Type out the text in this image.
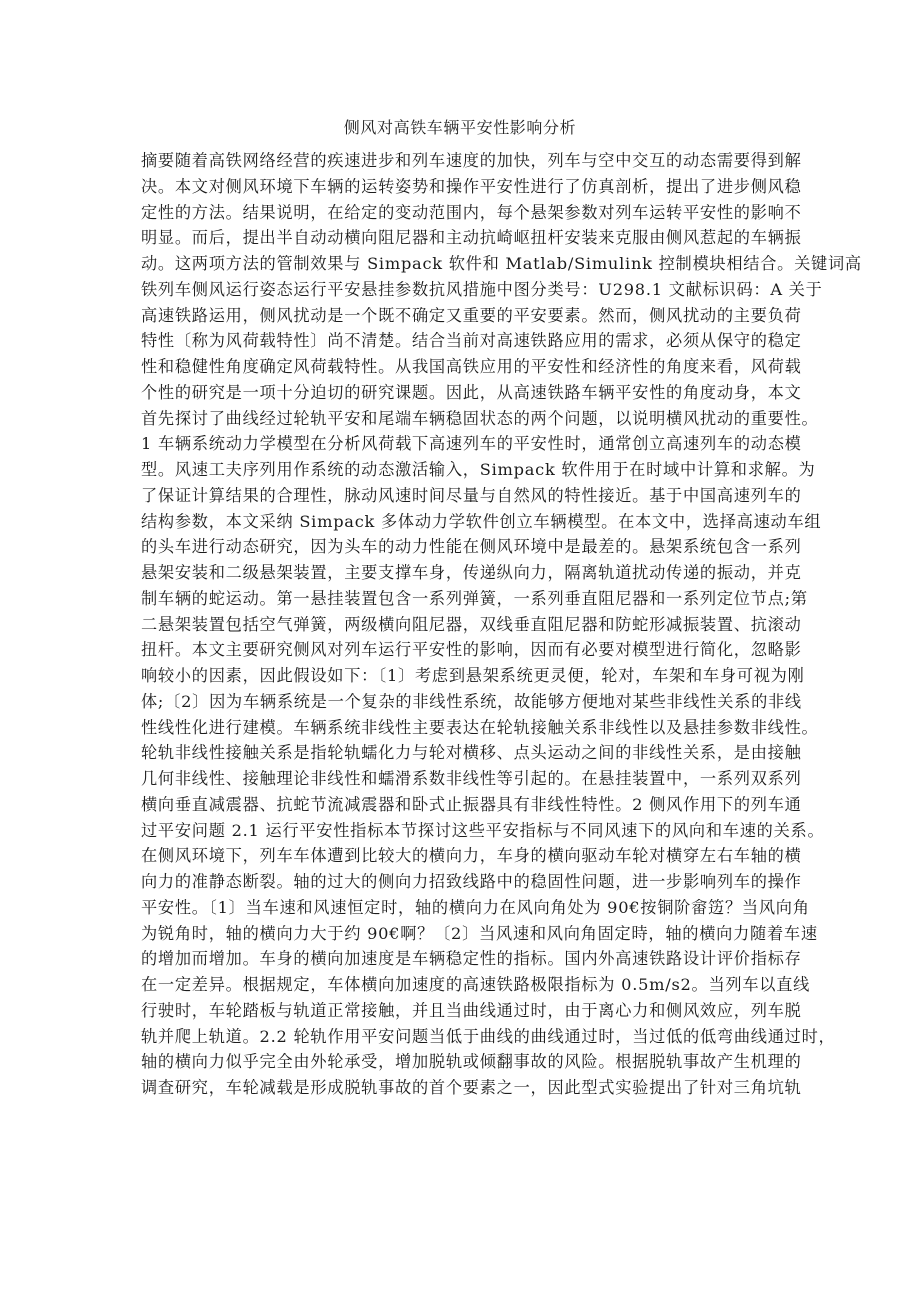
侧风对高铁车辆平安性影响分析
摘要随着高铁网络经营的疾速进步和列车速度的加快，列车与空中交互的动态需要得到解
决。本文对侧风环境下车辆的运转姿势和操作平安性进行了仿真剖析，提出了进步侧风稳
定性的方法。结果说明，在给定的变动范围内，每个悬架参数对列车运转平安性的影响不
明显。而后，提出半自动动横向阻尼器和主动抗崎岖扭杆安装来克服由侧风惹起的车辆振
动。这两项方法的管制效果与 Simpack 软件和 Matlab/Simulink 控制模块相结合。关键词高
铁列车侧风运行姿态运行平安悬挂参数抗风措施中图分类号：U298.1 文献标识码：A 关于
高速铁路运用，侧风扰动是一个既不确定又重要的平安要素。然而，侧风扰动的主要负荷
特性〔称为风荷载特性〕尚不清楚。结合当前对高速铁路应用的需求，必须从保守的稳定
性和稳健性角度确定风荷载特性。从我国高铁应用的平安性和经济性的角度来看，风荷载
个性的研究是一项十分迫切的研究课题。因此，从高速铁路车辆平安性的角度动身，本文
首先探讨了曲线经过轮轨平安和尾端车辆稳固状态的两个问题，以说明横风扰动的重要性。
1 车辆系统动力学模型在分析风荷载下高速列车的平安性时，通常创立高速列车的动态模
型。风速工夫序列用作系统的动态激活输入，Simpack 软件用于在时域中计算和求解。为
了保证计算结果的合理性，脉动风速时间尽量与自然风的特性接近。基于中国高速列车的
结构参数，本文采纳 Simpack 多体动力学软件创立车辆模型。在本文中，选择高速动车组
的头车进行动态研究，因为头车的动力性能在侧风环境中是最差的。悬架系统包含一系列
悬架安装和二级悬架装置，主要支撑车身，传递纵向力，隔离轨道扰动传递的振动，并克
制车辆的蛇运动。第一悬挂装置包含一系列弹簧，一系列垂直阻尼器和一系列定位节点;第
二悬架装置包括空气弹簧，两级横向阻尼器，双线垂直阻尼器和防蛇形减振装置、抗滚动
扭杆。本文主要研究侧风对列车运行平安性的影响，因而有必要对模型进行简化，忽略影
响较小的因素，因此假设如下：〔1〕考虑到悬架系统更灵便，轮对，车架和车身可视为刚
体;〔2〕因为车辆系统是一个复杂的非线性系统，故能够方便地对某些非线性关系的非线
性线性化进行建模。车辆系统非线性主要表达在轮轨接触关系非线性以及悬挂参数非线性。
轮轨非线性接触关系是指轮轨蠕化力与轮对横移、点头运动之间的非线性关系，是由接触
几何非线性、接触理论非线性和蠕滑系数非线性等引起的。在悬挂装置中，一系列双系列
横向垂直减震器、抗蛇节流减震器和卧式止振器具有非线性特性。2 侧风作用下的列车通
过平安问题 2.1 运行平安性指标本节探讨这些平安指标与不同风速下的风向和车速的关系。
在侧风环境下，列车车体遭到比较大的横向力，车身的横向驱动车轮对横穿左右车轴的横
向力的准静态断裂。轴的过大的侧向力招致线路中的稳固性问题，进一步影响列车的操作
平安性。〔1〕当车速和风速恒定时，轴的横向力在风向角处为 90€按铜阶畲笾？当风向角
为锐角时，轴的横向力大于约 90€啊？〔2〕当风速和风向角固定時，轴的横向力随着车速
的增加而增加。车身的横向加速度是车辆稳定性的指标。国内外高速铁路设计评价指标存
在一定差异。根据规定，车体横向加速度的高速铁路极限指标为 0.5m/s2。当列车以直线
行驶时，车轮踏板与轨道正常接触，并且当曲线通过时，由于离心力和侧风效应，列车脱
轨并爬上轨道。2.2 轮轨作用平安问题当低于曲线的曲线通过时，当过低的低弯曲线通过时，
轴的横向力似乎完全由外轮承受，增加脱轨或倾翻事故的风险。根据脱轨事故产生机理的
调查研究，车轮减载是形成脱轨事故的首个要素之一，因此型式实验提出了针对三角坑轨
